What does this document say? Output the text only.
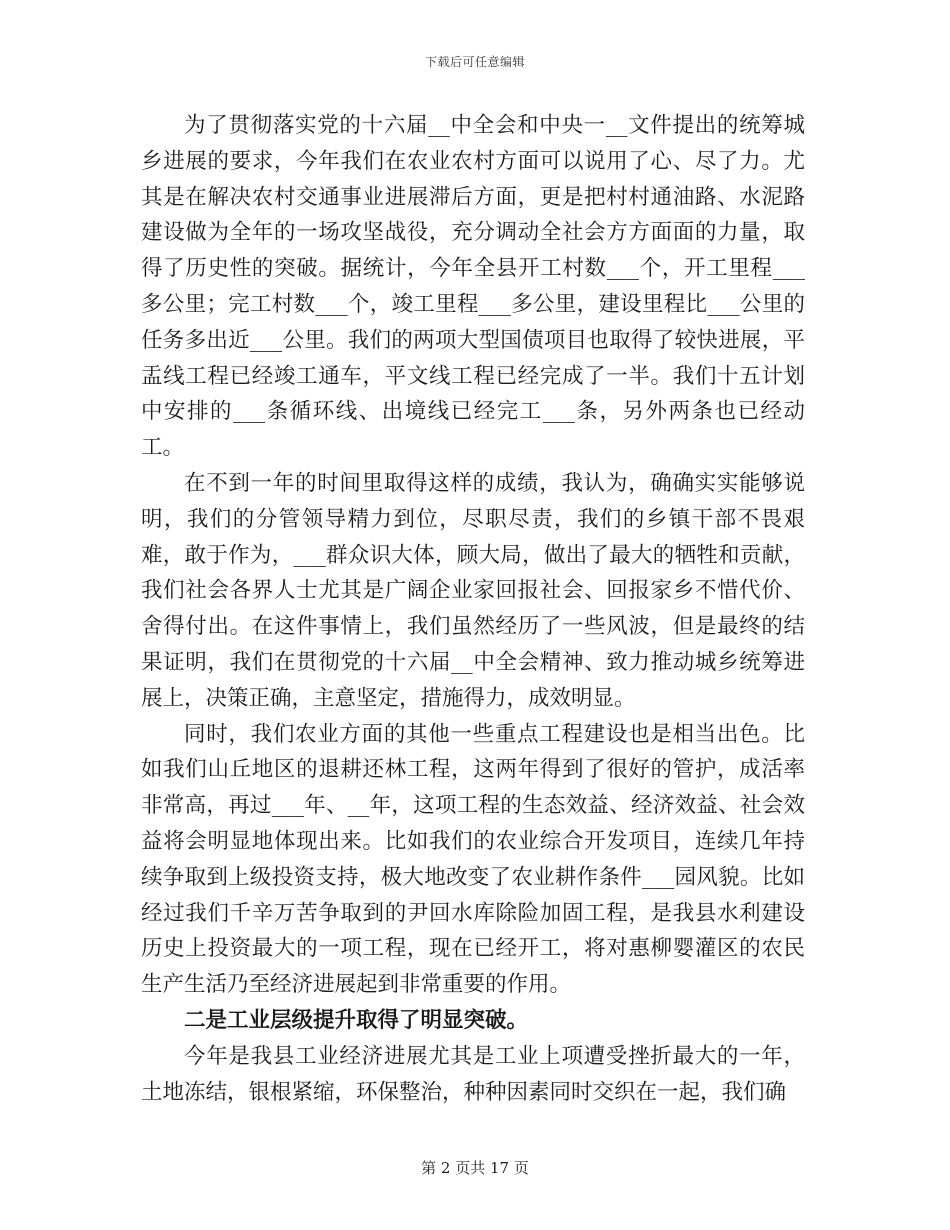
下载后可任意编辑

为了贯彻落实党的十六届__中全会和中央一__文件提出的统筹城乡进展的要求，今年我们在农业农村方面可以说用了心、尽了力。尤其是在解决农村交通事业进展滞后方面，更是把村村通油路、水泥路建设做为全年的一场攻坚战役，充分调动全社会方方面面的力量，取得了历史性的突破。据统计，今年全县开工村数___个，开工里程___多公里；完工村数___个，竣工里程___多公里，建设里程比___公里的任务多出近___公里。我们的两项大型国债项目也取得了较快进展，平盂线工程已经竣工通车，平文线工程已经完成了一半。我们十五计划中安排的___条循环线、出境线已经完工___条，另外两条也已经动工。

在不到一年的时间里取得这样的成绩，我认为，确确实实能够说明，我们的分管领导精力到位，尽职尽责，我们的乡镇干部不畏艰难，敢于作为，___群众识大体，顾大局，做出了最大的牺牲和贡献，我们社会各界人士尤其是广阔企业家回报社会、回报家乡不惜代价、舍得付出。在这件事情上，我们虽然经历了一些风波，但是最终的结果证明，我们在贯彻党的十六届__中全会精神、致力推动城乡统筹进展上，决策正确，主意坚定，措施得力，成效明显。

同时，我们农业方面的其他一些重点工程建设也是相当出色。比如我们山丘地区的退耕还林工程，这两年得到了很好的管护，成活率非常高，再过___年、__年，这项工程的生态效益、经济效益、社会效益将会明显地体现出来。比如我们的农业综合开发项目，连续几年持续争取到上级投资支持，极大地改变了农业耕作条件___园风貌。比如经过我们千辛万苦争取到的尹回水库除险加固工程，是我县水利建设历史上投资最大的一项工程，现在已经开工，将对惠柳婴灌区的农民生产生活乃至经济进展起到非常重要的作用。

二是工业层级提升取得了明显突破。

今年是我县工业经济进展尤其是工业上项遭受挫折最大的一年，土地冻结，银根紧缩，环保整治，种种因素同时交织在一起，我们确

第 2 页共 17 页
